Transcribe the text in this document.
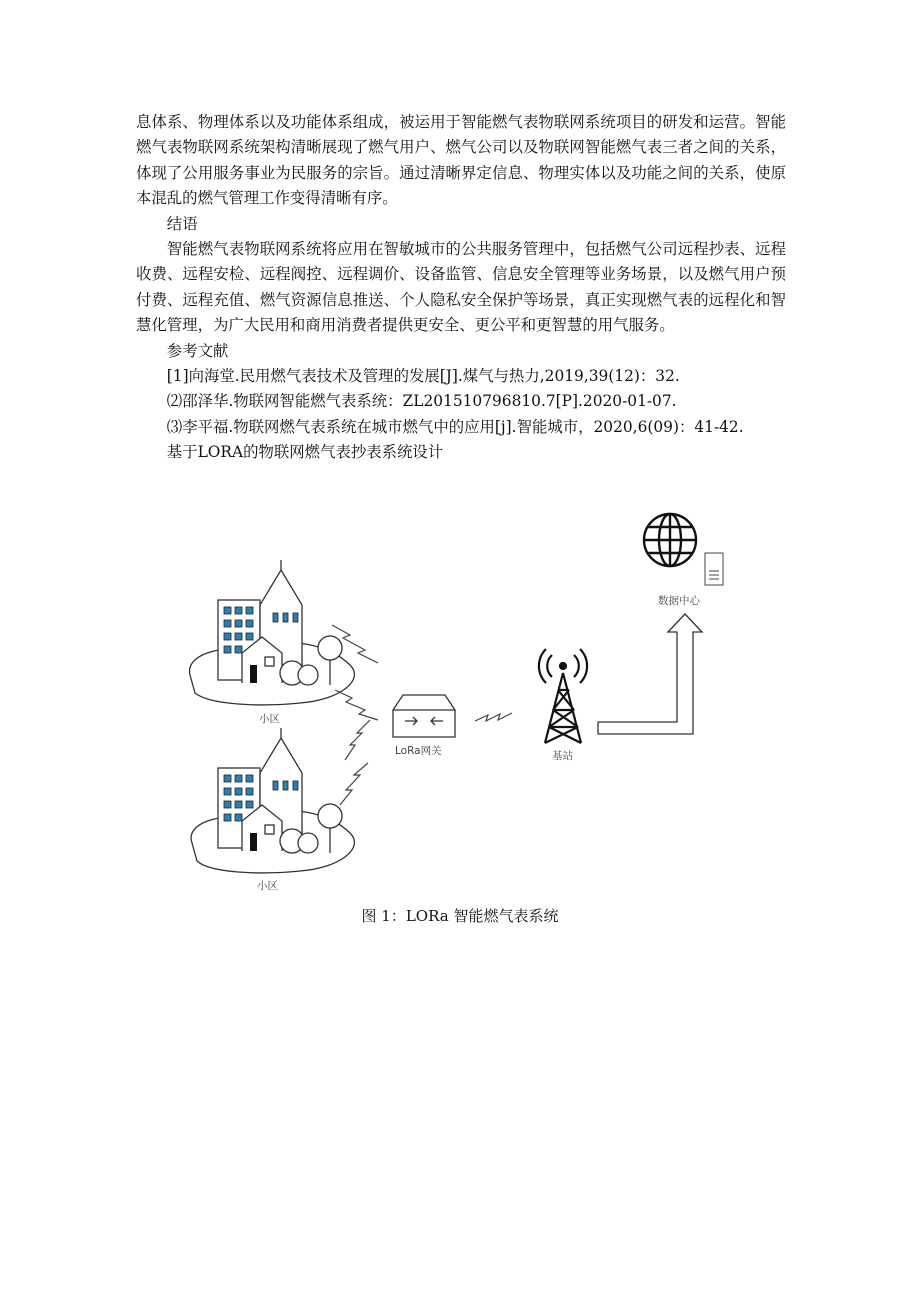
息体系、物理体系以及功能体系组成，被运用于智能燃气表物联网系统项目的研发和运营。智能燃气表物联网系统架构清晰展现了燃气用户、燃气公司以及物联网智能燃气表三者之间的关系，体现了公用服务事业为民服务的宗旨。通过清晰界定信息、物理实体以及功能之间的关系，使原本混乱的燃气管理工作变得清晰有序。

结语

智能燃气表物联网系统将应用在智敏城市的公共服务管理中，包括燃气公司远程抄表、远程收费、远程安检、远程阀控、远程调价、设备监管、信息安全管理等业务场景，以及燃气用户预付费、远程充值、燃气资源信息推送、个人隐私安全保护等场景，真正实现燃气表的远程化和智慧化管理，为广大民用和商用消费者提供更安全、更公平和更智慧的用气服务。

参考文献

[1]向海堂.民用燃气表技术及管理的发展[J].煤气与热力,2019,39(12)：32.

⑵邵泽华.物联网智能燃气表系统：ZL201510796810.7[P].2020-01-07.

⑶李平福.物联网燃气表系统在城市燃气中的应用[j].智能城市，2020,6(09)：41-42.

基于LORA的物联网燃气表抄表系统设计

小区
小区
LoRa网关	基站
数据中心
图 1：LORa 智能燃气表系统
